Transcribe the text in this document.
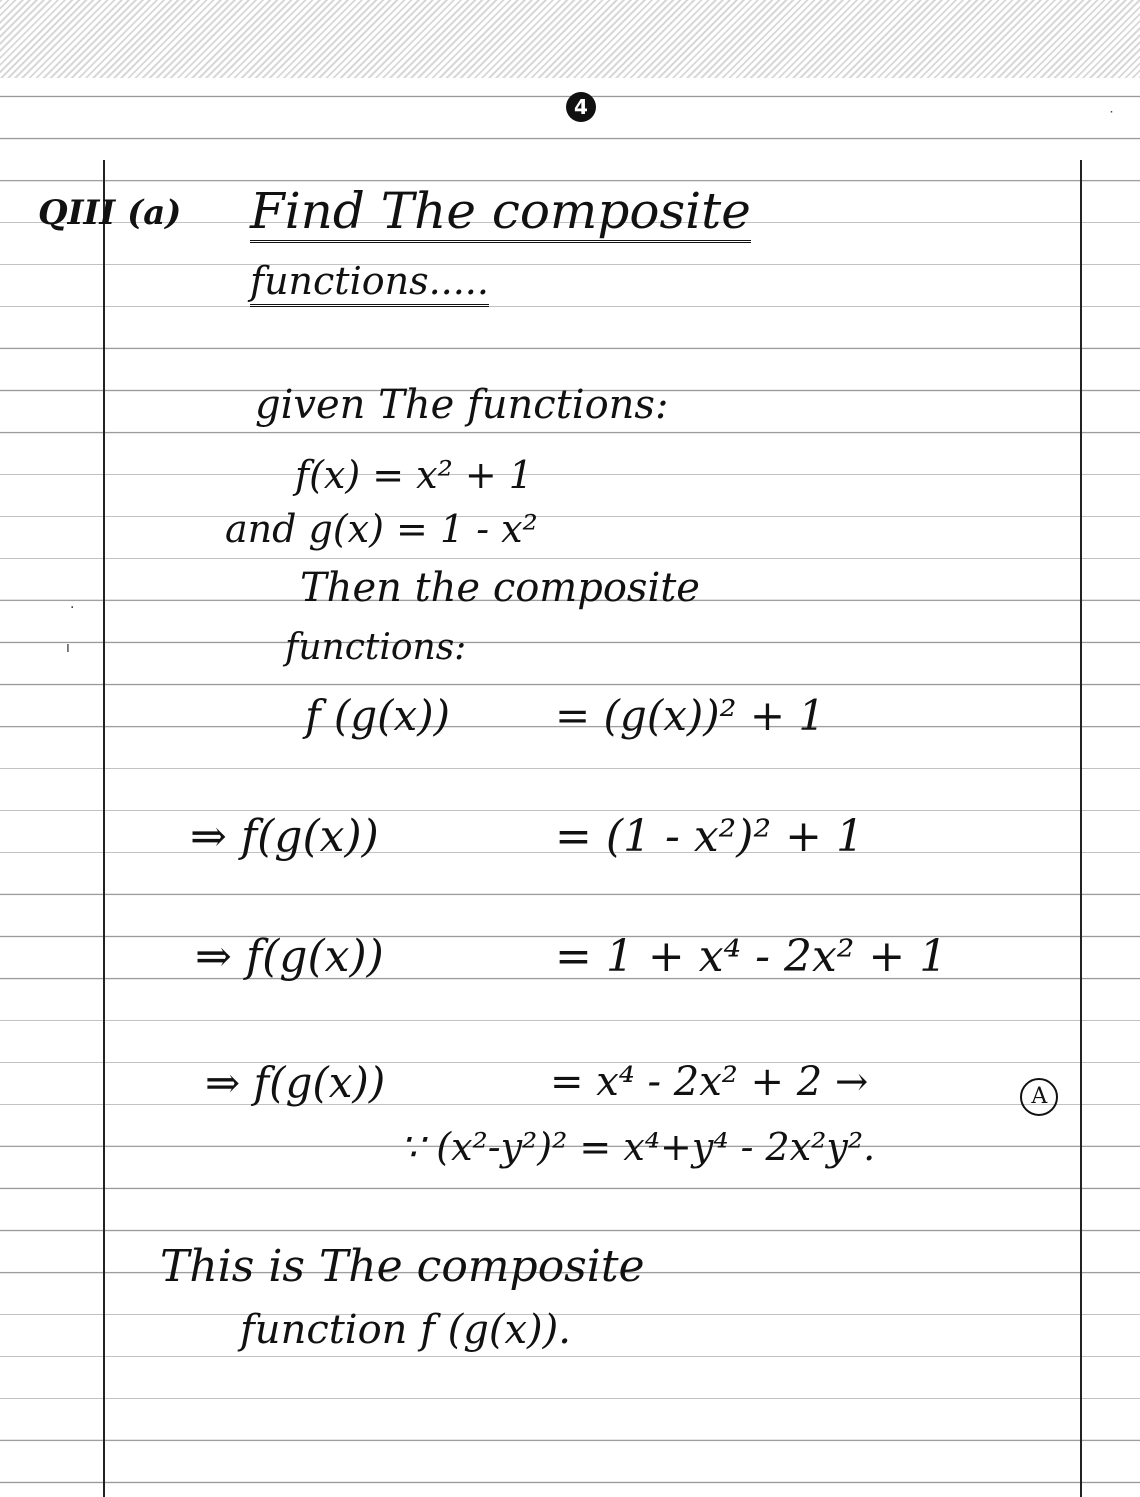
4
QIII (a) Find The composite
functions.....
given The functions:
f(x) = x² + 1
and g(x) = 1 - x²
Then the composite
functions:
f (g(x)) = (g(x))² + 1
⇒ f(g(x))	= (1 - x²)² + 1
⇒ f(g(x))	= 1 + x⁴ - 2x² + 1
⇒ f(g(x))	= x⁴ - 2x² + 2 →	A

∵ (x²-y²)² = x⁴+y⁴ - 2x²y².
This is The composite
function f (g(x)).
˙
·
ı
